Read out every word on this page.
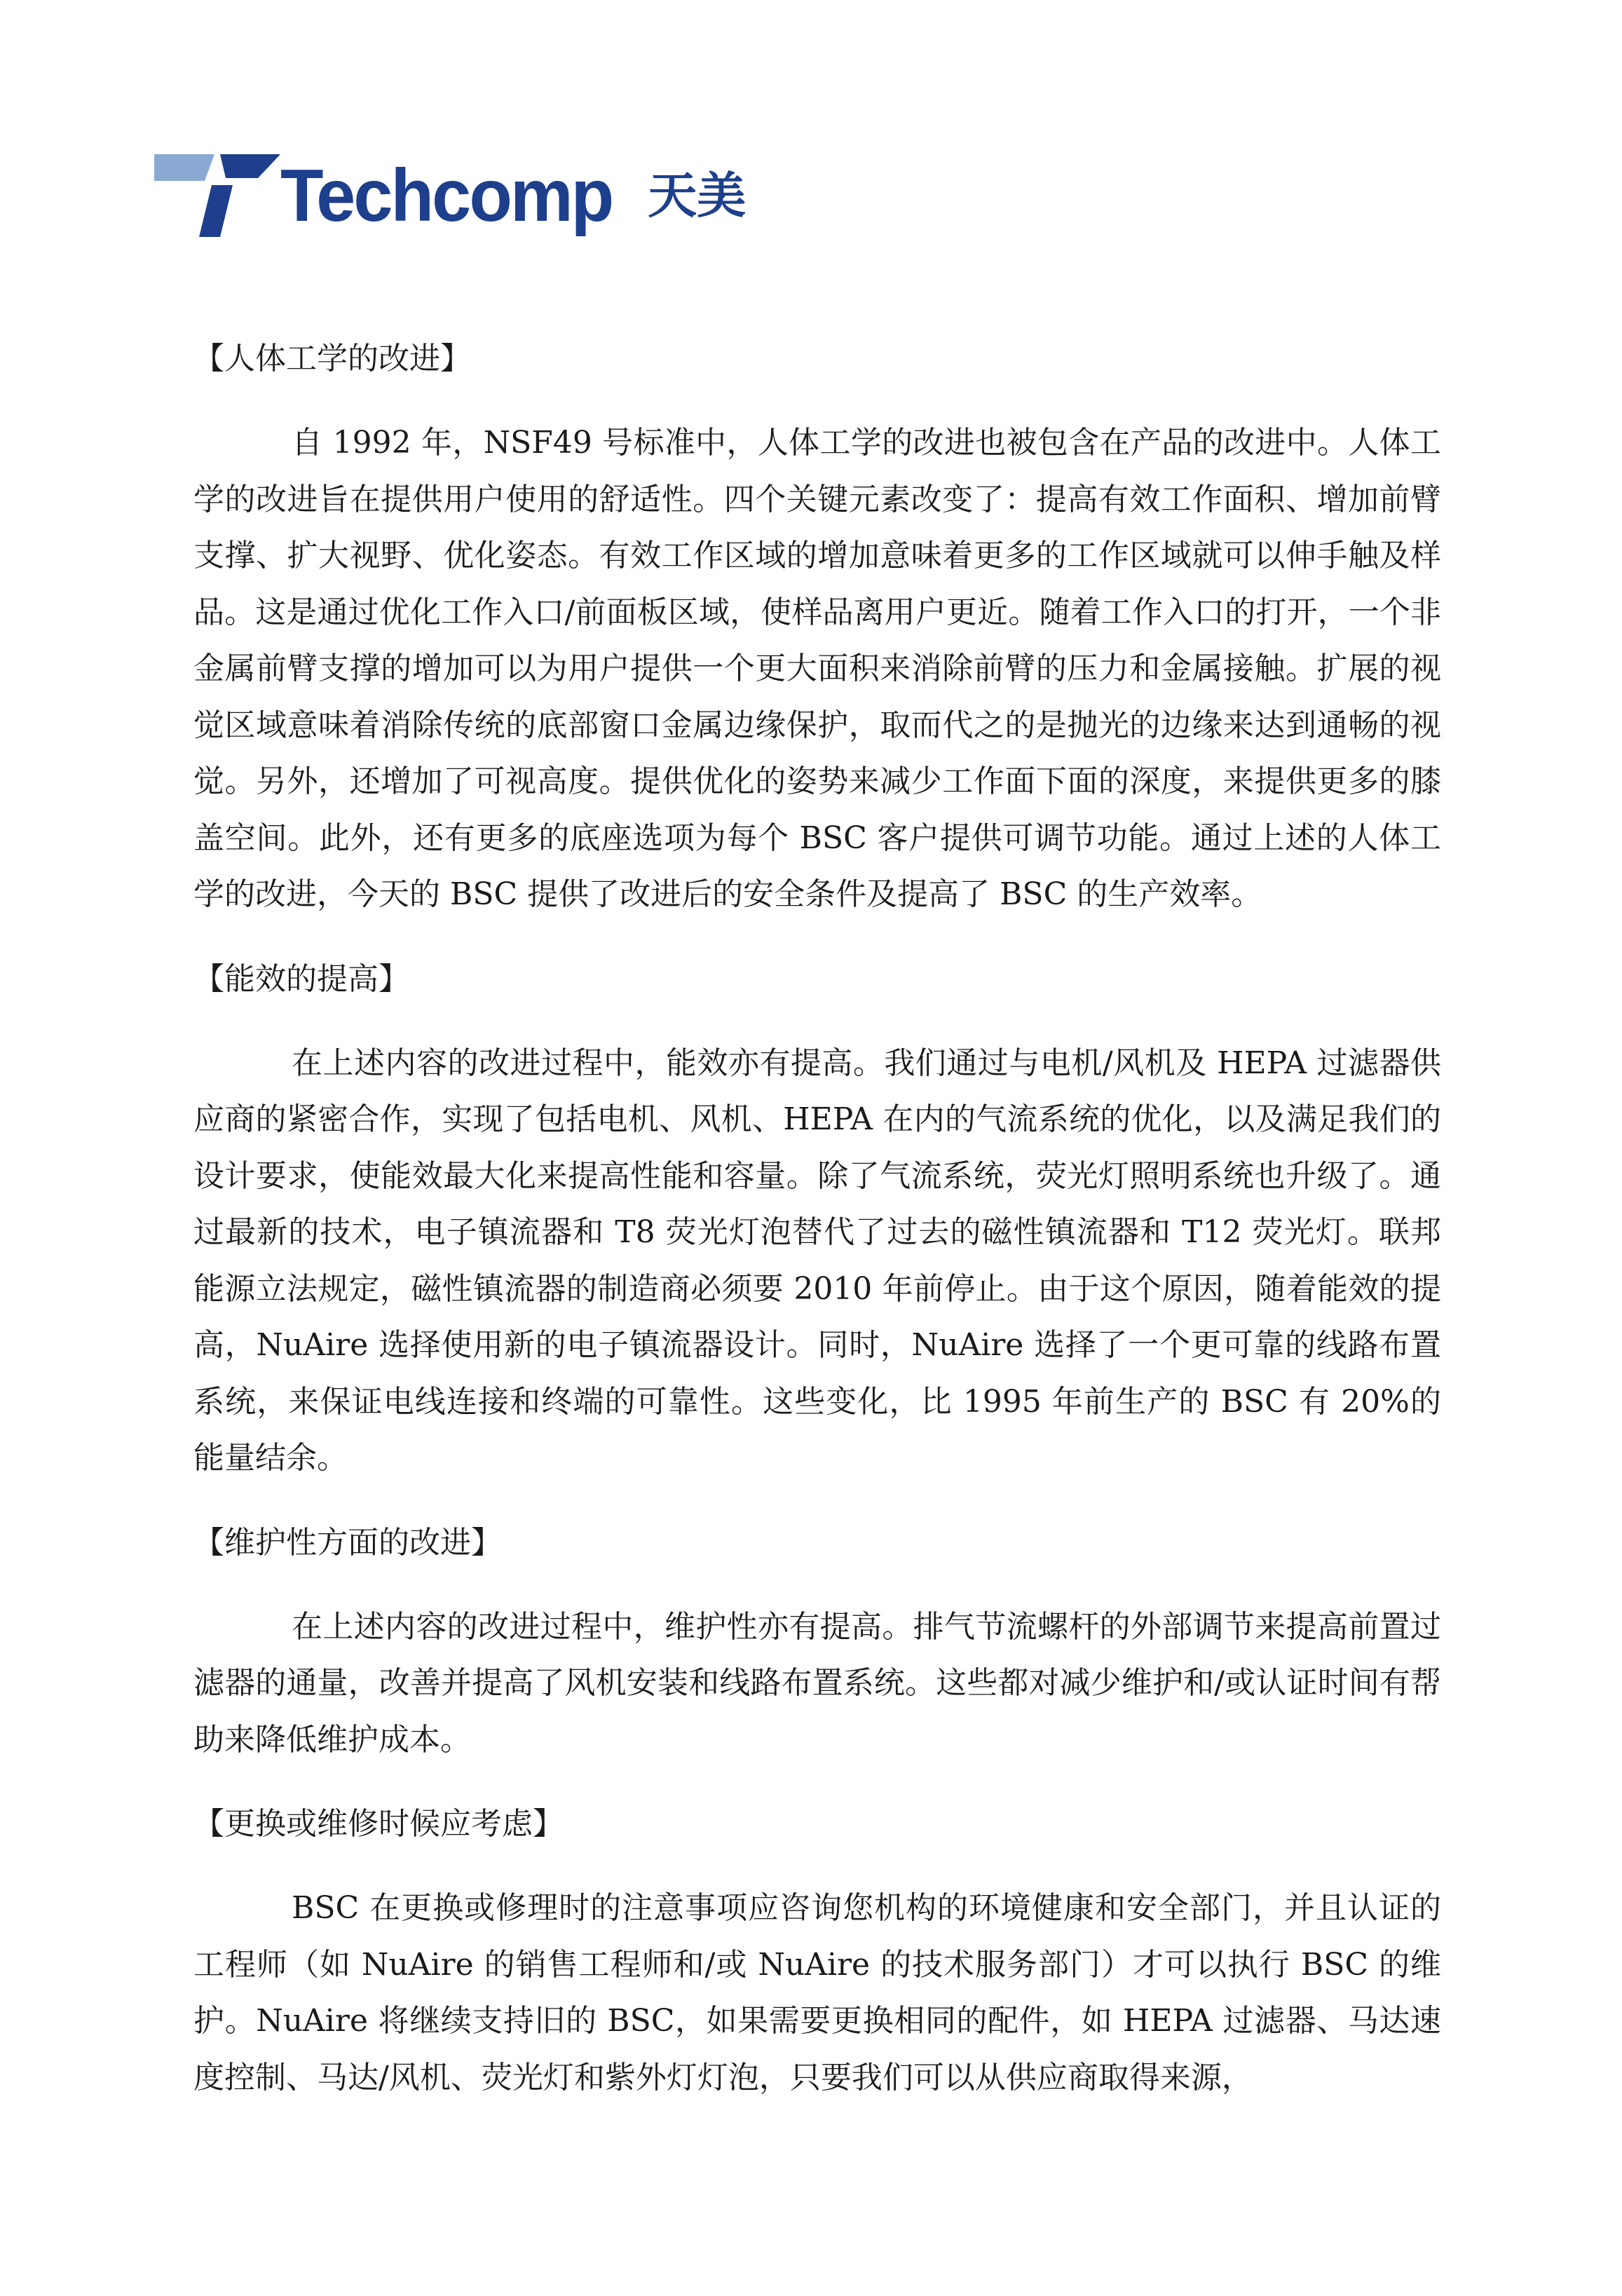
Techcomp 天美
【人体工学的改进】
自 1992 年，NSF49 号标准中，人体工学的改进也被包含在产品的改进中。人体工学的改进旨在提供用户使用的舒适性。四个关键元素改变了：提高有效工作面积、增加前臂支撑、扩大视野、优化姿态。有效工作区域的增加意味着更多的工作区域就可以伸手触及样品。这是通过优化工作入口/前面板区域，使样品离用户更近。随着工作入口的打开，一个非金属前臂支撑的增加可以为用户提供一个更大面积来消除前臂的压力和金属接触。扩展的视觉区域意味着消除传统的底部窗口金属边缘保护，取而代之的是抛光的边缘来达到通畅的视觉。另外，还增加了可视高度。提供优化的姿势来减少工作面下面的深度，来提供更多的膝盖空间。此外，还有更多的底座选项为每个 BSC 客户提供可调节功能。通过上述的人体工学的改进，今天的 BSC 提供了改进后的安全条件及提高了 BSC 的生产效率。
【能效的提高】
在上述内容的改进过程中，能效亦有提高。我们通过与电机/风机及 HEPA 过滤器供应商的紧密合作，实现了包括电机、风机、HEPA 在内的气流系统的优化，以及满足我们的设计要求，使能效最大化来提高性能和容量。除了气流系统，荧光灯照明系统也升级了。通过最新的技术，电子镇流器和 T8 荧光灯泡替代了过去的磁性镇流器和 T12 荧光灯。联邦能源立法规定，磁性镇流器的制造商必须要 2010 年前停止。由于这个原因，随着能效的提高，NuAire 选择使用新的电子镇流器设计。同时，NuAire 选择了一个更可靠的线路布置系统，来保证电线连接和终端的可靠性。这些变化，比 1995 年前生产的 BSC 有 20%的能量结余。
【维护性方面的改进】
在上述内容的改进过程中，维护性亦有提高。排气节流螺杆的外部调节来提高前置过滤器的通量，改善并提高了风机安装和线路布置系统。这些都对减少维护和/或认证时间有帮助来降低维护成本。
【更换或维修时候应考虑】
BSC 在更换或修理时的注意事项应咨询您机构的环境健康和安全部门，并且认证的工程师（如 NuAire 的销售工程师和/或 NuAire 的技术服务部门）才可以执行 BSC 的维护。NuAire 将继续支持旧的 BSC，如果需要更换相同的配件，如 HEPA 过滤器、马达速度控制、马达/风机、荧光灯和紫外灯灯泡，只要我们可以从供应商取得来源，
